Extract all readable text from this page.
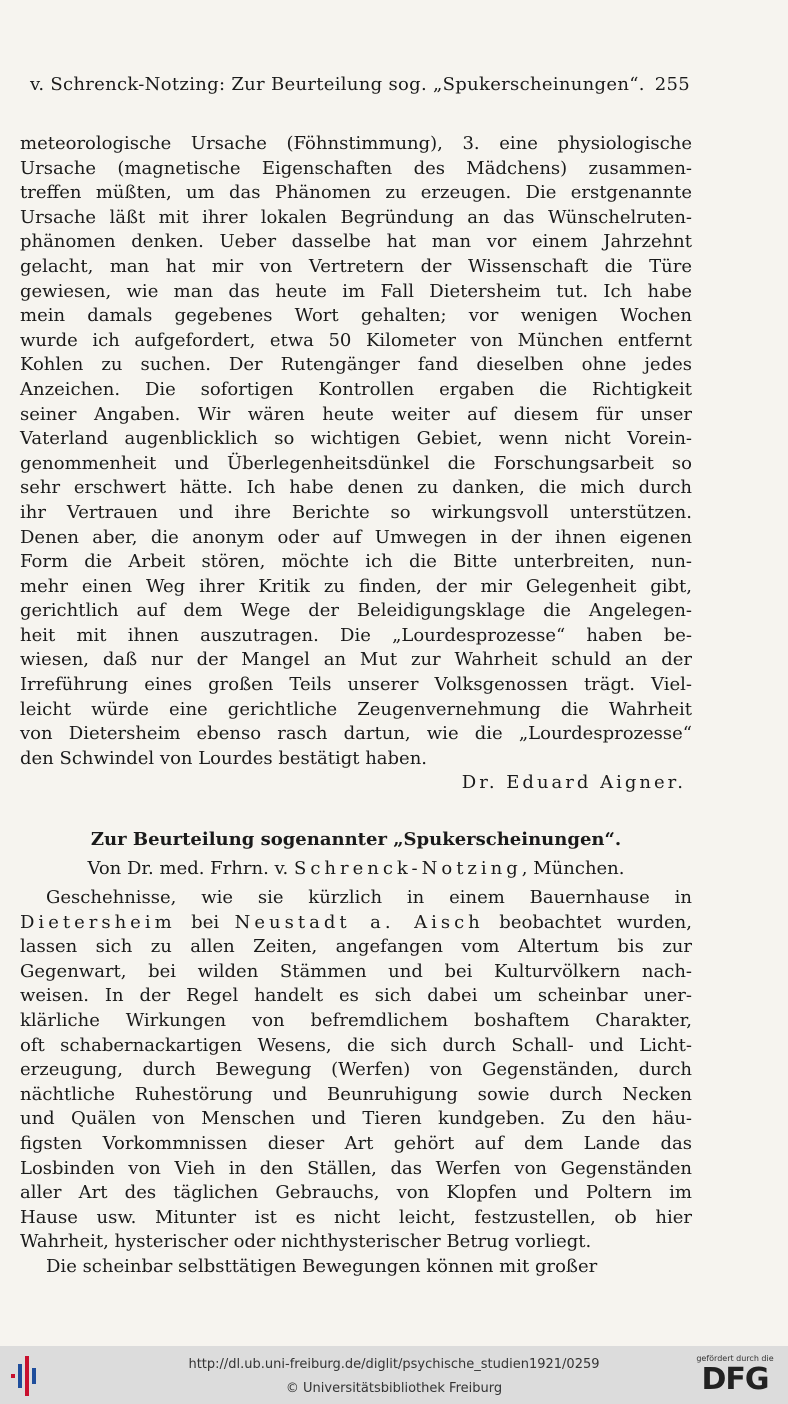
v. Schrenck-Notzing: Zur Beurteilung sog. „Spukerscheinungen“. 255
meteorologische Ursache (Föhnstimmung), 3. eine physiologische
Ursache (magnetische Eigenschaften des Mädchens) zusammen-
treffen müßten, um das Phänomen zu erzeugen. Die erstgenannte
Ursache läßt mit ihrer lokalen Begründung an das Wünschelruten-
phänomen denken. Ueber dasselbe hat man vor einem Jahrzehnt
gelacht, man hat mir von Vertretern der Wissenschaft die Türe
gewiesen, wie man das heute im Fall Dietersheim tut. Ich habe
mein damals gegebenes Wort gehalten; vor wenigen Wochen
wurde ich aufgefordert, etwa 50 Kilometer von München entfernt
Kohlen zu suchen. Der Rutengänger fand dieselben ohne jedes
Anzeichen. Die sofortigen Kontrollen ergaben die Richtigkeit
seiner Angaben. Wir wären heute weiter auf diesem für unser
Vaterland augenblicklich so wichtigen Gebiet, wenn nicht Vorein-
genommenheit und Überlegenheitsdünkel die Forschungsarbeit so
sehr erschwert hätte. Ich habe denen zu danken, die mich durch
ihr Vertrauen und ihre Berichte so wirkungsvoll unterstützen.
Denen aber, die anonym oder auf Umwegen in der ihnen eigenen
Form die Arbeit stören, möchte ich die Bitte unterbreiten, nun-
mehr einen Weg ihrer Kritik zu finden, der mir Gelegenheit gibt,
gerichtlich auf dem Wege der Beleidigungsklage die Angelegen-
heit mit ihnen auszutragen. Die „Lourdesprozesse“ haben be-
wiesen, daß nur der Mangel an Mut zur Wahrheit schuld an der
Irreführung eines großen Teils unserer Volksgenossen trägt. Viel-
leicht würde eine gerichtliche Zeugenvernehmung die Wahrheit
von Dietersheim ebenso rasch dartun, wie die „Lourdesprozesse“
den Schwindel von Lourdes bestätigt haben.
Dr. Eduard Aigner.
Zur Beurteilung sogenannter „Spukerscheinungen“.
Von Dr. med. Frhrn. v. Schrenck-Notzing, München.
Geschehnisse, wie sie kürzlich in einem Bauernhause in
Dietersheim bei Neustadt a. Aisch beobachtet wurden,
lassen sich zu allen Zeiten, angefangen vom Altertum bis zur
Gegenwart, bei wilden Stämmen und bei Kulturvölkern nach-
weisen. In der Regel handelt es sich dabei um scheinbar uner-
klärliche Wirkungen von befremdlichem boshaftem Charakter,
oft schabernackartigen Wesens, die sich durch Schall- und Licht-
erzeugung, durch Bewegung (Werfen) von Gegenständen, durch
nächtliche Ruhestörung und Beunruhigung sowie durch Necken
und Quälen von Menschen und Tieren kundgeben. Zu den häu-
figsten Vorkommnissen dieser Art gehört auf dem Lande das
Losbinden von Vieh in den Ställen, das Werfen von Gegenständen
aller Art des täglichen Gebrauchs, von Klopfen und Poltern im
Hause usw. Mitunter ist es nicht leicht, festzustellen, ob hier
Wahrheit, hysterischer oder nichthysterischer Betrug vorliegt.
Die scheinbar selbsttätigen Bewegungen können mit großer
http://dl.ub.uni-freiburg.de/diglit/psychische_studien1921/0259
© Universitätsbibliothek Freiburg
gefördert durch die
DFG
